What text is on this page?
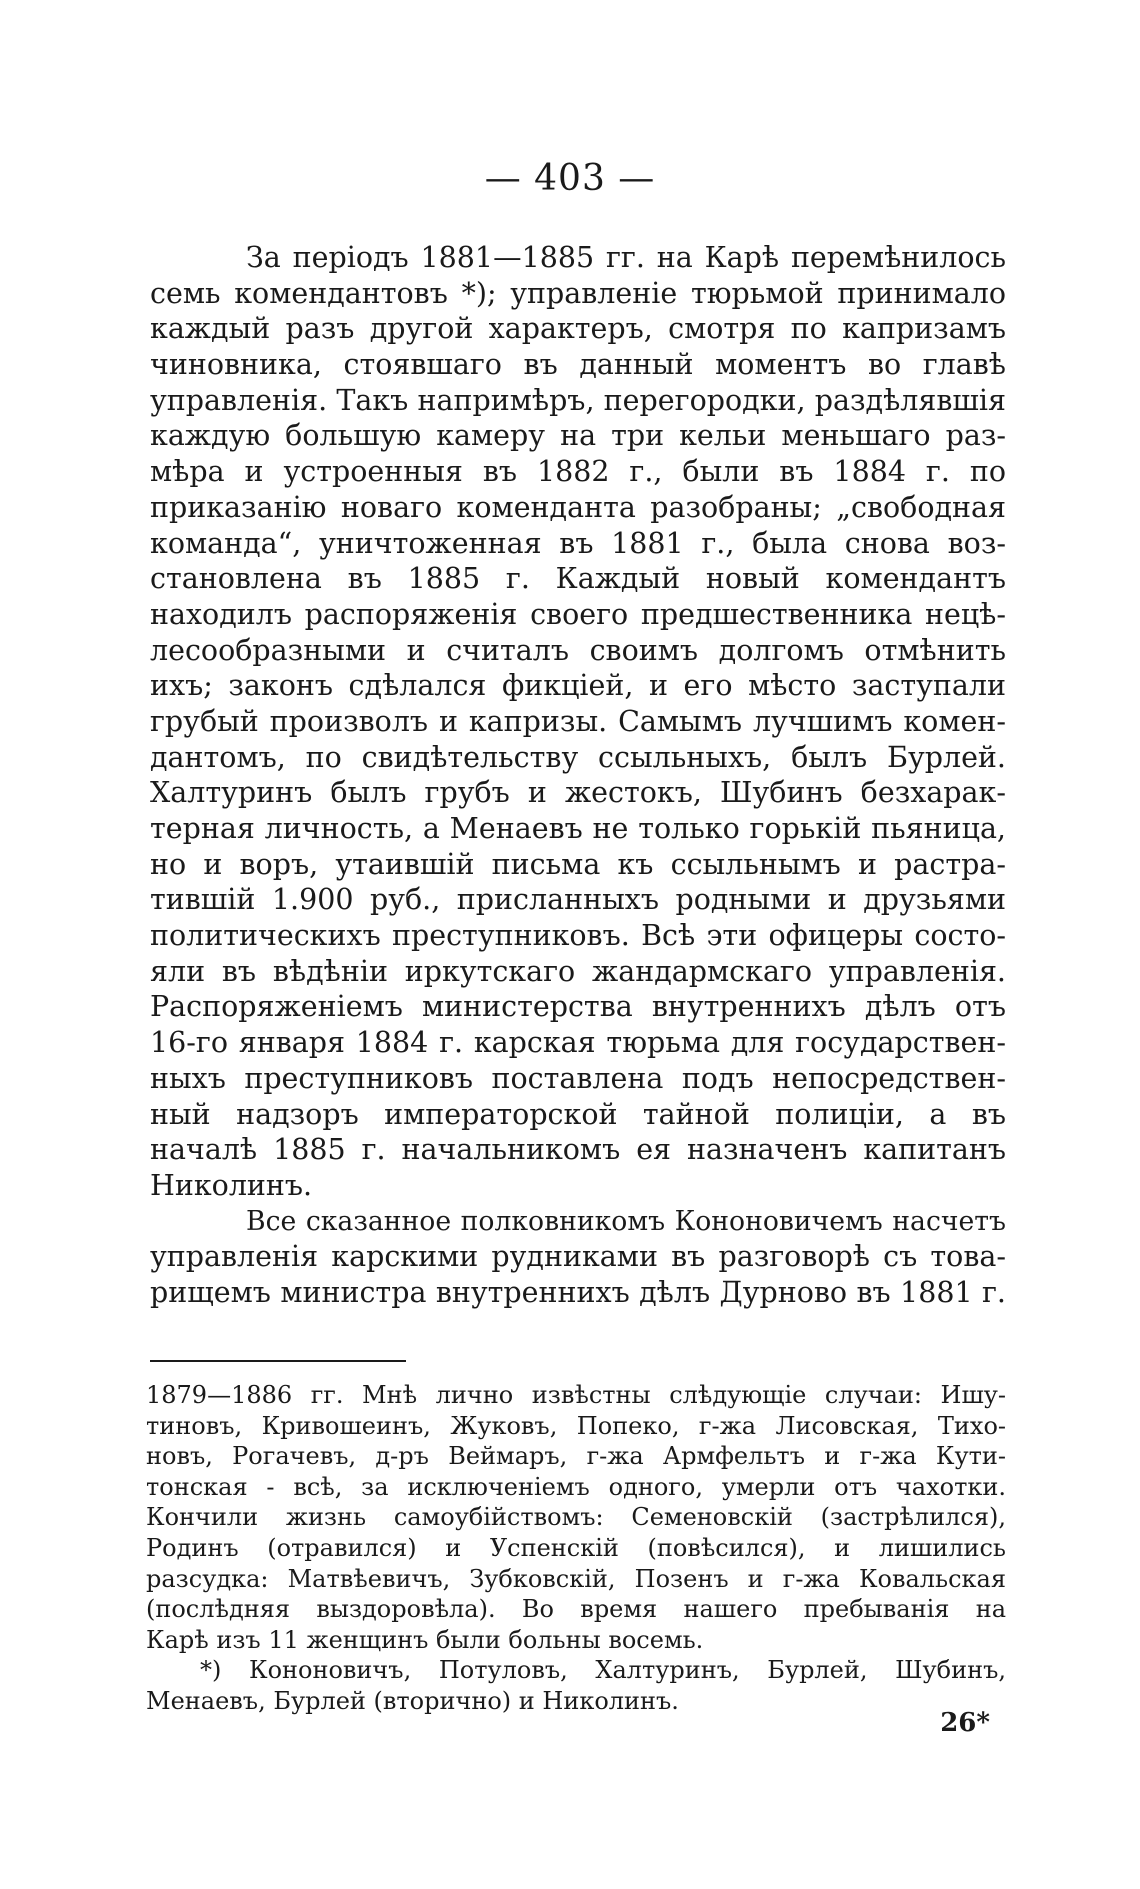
— 403 —
За періодъ 1881—1885 гг. на Карѣ перемѣнилось
семь комендантовъ *); управленіе тюрьмой принимало
каждый разъ другой характеръ, смотря по капризамъ
чиновника, стоявшаго въ данный моментъ во главѣ
управленія. Такъ напримѣръ, перегородки, раздѣлявшія
каждую большую камеру на три кельи меньшаго раз-
мѣра и устроенныя въ 1882 г., были въ 1884 г. по
приказанію новаго коменданта разобраны; „свободная
команда“, уничтоженная въ 1881 г., была снова воз-
становлена въ 1885 г. Каждый новый комендантъ
находилъ распоряженія своего предшественника нецѣ-
лесообразными и считалъ своимъ долгомъ отмѣнить
ихъ; законъ сдѣлался фикціей, и его мѣсто заступали
грубый произволъ и капризы. Самымъ лучшимъ комен-
дантомъ, по свидѣтельству ссыльныхъ, былъ Бурлей.
Халтуринъ былъ грубъ и жестокъ, Шубинъ безхарак-
терная личность, а Менаевъ не только горькій пьяница,
но и воръ, утаившій письма къ ссыльнымъ и растра-
тившій 1.900 руб., присланныхъ родными и друзьями
политическихъ преступниковъ. Всѣ эти офицеры состо-
яли въ вѣдѣніи иркутскаго жандармскаго управленія.
Распоряженіемъ министерства внутреннихъ дѣлъ отъ
16-го января 1884 г. карская тюрьма для государствен-
ныхъ преступниковъ поставлена подъ непосредствен-
ный надзоръ императорской тайной полиціи, а въ
началѣ 1885 г. начальникомъ ея назначенъ капитанъ
Николинъ.
Все сказанное полковникомъ Кононовичемъ насчетъ
управленія карскими рудниками въ разговорѣ съ това-
рищемъ министра внутреннихъ дѣлъ Дурново въ 1881 г.
1879—1886 гг. Мнѣ лично извѣстны слѣдующіе случаи: Ишу-
тиновъ, Кривошеинъ, Жуковъ, Попеко, г-жа Лисовская, Тихо-
новъ, Рогачевъ, д-ръ Веймаръ, г-жа Армфельтъ и г-жа Кути-
тонская - всѣ, за исключеніемъ одного, умерли отъ чахотки.
Кончили жизнь самоубійствомъ: Семеновскій (застрѣлился),
Родинъ (отравился) и Успенскій (повѣсился), и лишились
разсудка: Матвѣевичъ, Зубковскій, Позенъ и г-жа Ковальская
(послѣдняя выздоровѣла). Во время нашего пребыванія на
Карѣ изъ 11 женщинъ были больны восемь.
*) Кононовичъ, Потуловъ, Халтуринъ, Бурлей, Шубинъ,
Менаевъ, Бурлей (вторично) и Николинъ.
26*
